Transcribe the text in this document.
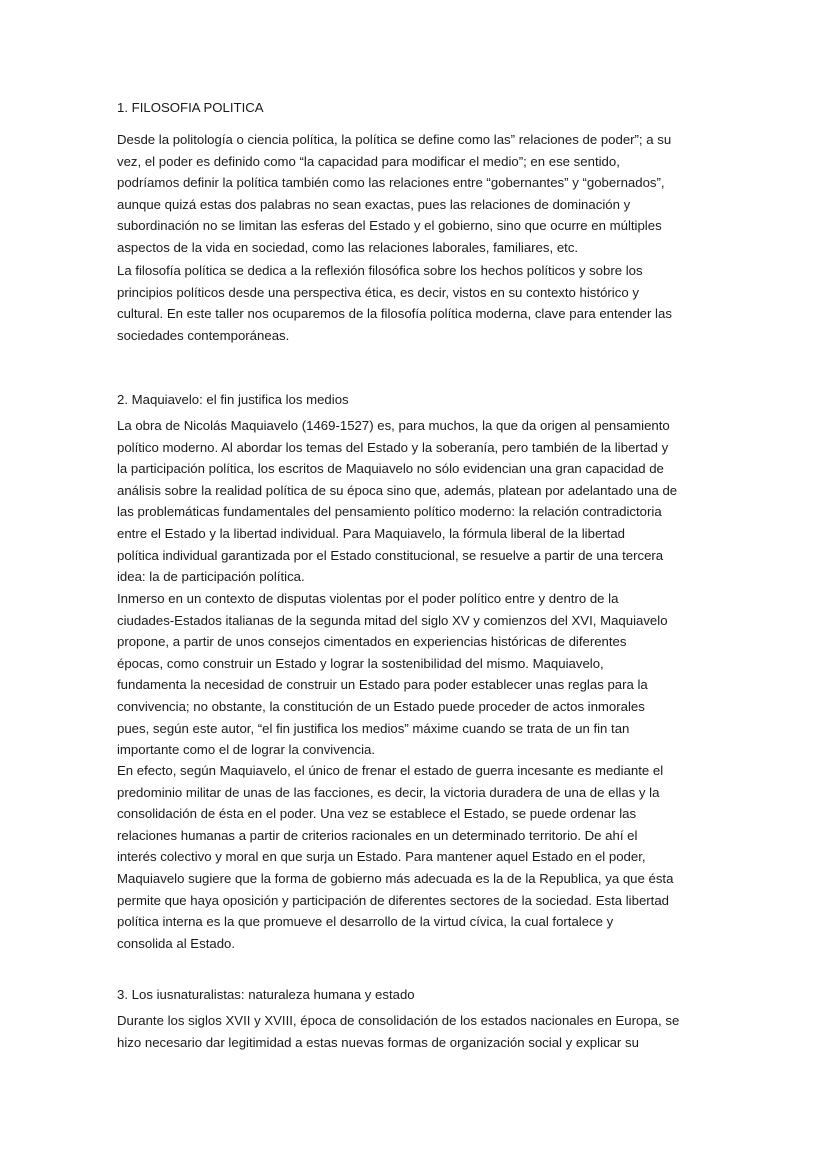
1. FILOSOFIA POLITICA
Desde la politología o ciencia política, la política se define como las” relaciones de poder”; a su
vez, el poder es definido como “la capacidad para modificar el medio”; en ese sentido,
podríamos definir la política también como las relaciones entre “gobernantes” y “gobernados”,
aunque quizá estas dos palabras no sean exactas, pues las relaciones de dominación y
subordinación no se limitan las esferas del Estado y el gobierno, sino que ocurre en múltiples
aspectos de la vida en sociedad, como las relaciones laborales, familiares, etc.
La filosofía política se dedica a la reflexión filosófica sobre los hechos políticos y sobre los
principios políticos desde una perspectiva ética, es decir, vistos en su contexto histórico y
cultural. En este taller nos ocuparemos de la filosofía política moderna, clave para entender las
sociedades contemporáneas.
2. Maquiavelo: el fin justifica los medios
La obra de Nicolás Maquiavelo (1469-1527) es, para muchos, la que da origen al pensamiento
político moderno. Al abordar los temas del Estado y la soberanía, pero también de la libertad y
la participación política, los escritos de Maquiavelo no sólo evidencian una gran capacidad de
análisis sobre la realidad política de su época sino que, además, platean por adelantado una de
las problemáticas fundamentales del pensamiento político moderno: la relación contradictoria
entre el Estado y la libertad individual. Para Maquiavelo, la fórmula liberal de la libertad
política individual garantizada por el Estado constitucional, se resuelve a partir de una tercera
idea: la de participación política.
Inmerso en un contexto de disputas violentas por el poder político entre y dentro de la
ciudades-Estados italianas de la segunda mitad del siglo XV y comienzos del XVI, Maquiavelo
propone, a partir de unos consejos cimentados en experiencias históricas de diferentes
épocas, como construir un Estado y lograr la sostenibilidad del mismo. Maquiavelo,
fundamenta la necesidad de construir un Estado para poder establecer unas reglas para la
convivencia; no obstante, la constitución de un Estado puede proceder de actos inmorales
pues, según este autor, “el fin justifica los medios” máxime cuando se trata de un fin tan
importante como el de lograr la convivencia.
En efecto, según Maquiavelo, el único de frenar el estado de guerra incesante es mediante el
predominio militar de unas de las facciones, es decir, la victoria duradera de una de ellas y la
consolidación de ésta en el poder. Una vez se establece el Estado, se puede ordenar las
relaciones humanas a partir de criterios racionales en un determinado territorio. De ahí el
interés colectivo y moral en que surja un Estado. Para mantener aquel Estado en el poder,
Maquiavelo sugiere que la forma de gobierno más adecuada es la de la Republica, ya que ésta
permite que haya oposición y participación de diferentes sectores de la sociedad. Esta libertad
política interna es la que promueve el desarrollo de la virtud cívica, la cual fortalece y
consolida al Estado.
3. Los iusnaturalistas: naturaleza humana y estado
Durante los siglos XVII y XVIII, época de consolidación de los estados nacionales en Europa, se
hizo necesario dar legitimidad a estas nuevas formas de organización social y explicar su
